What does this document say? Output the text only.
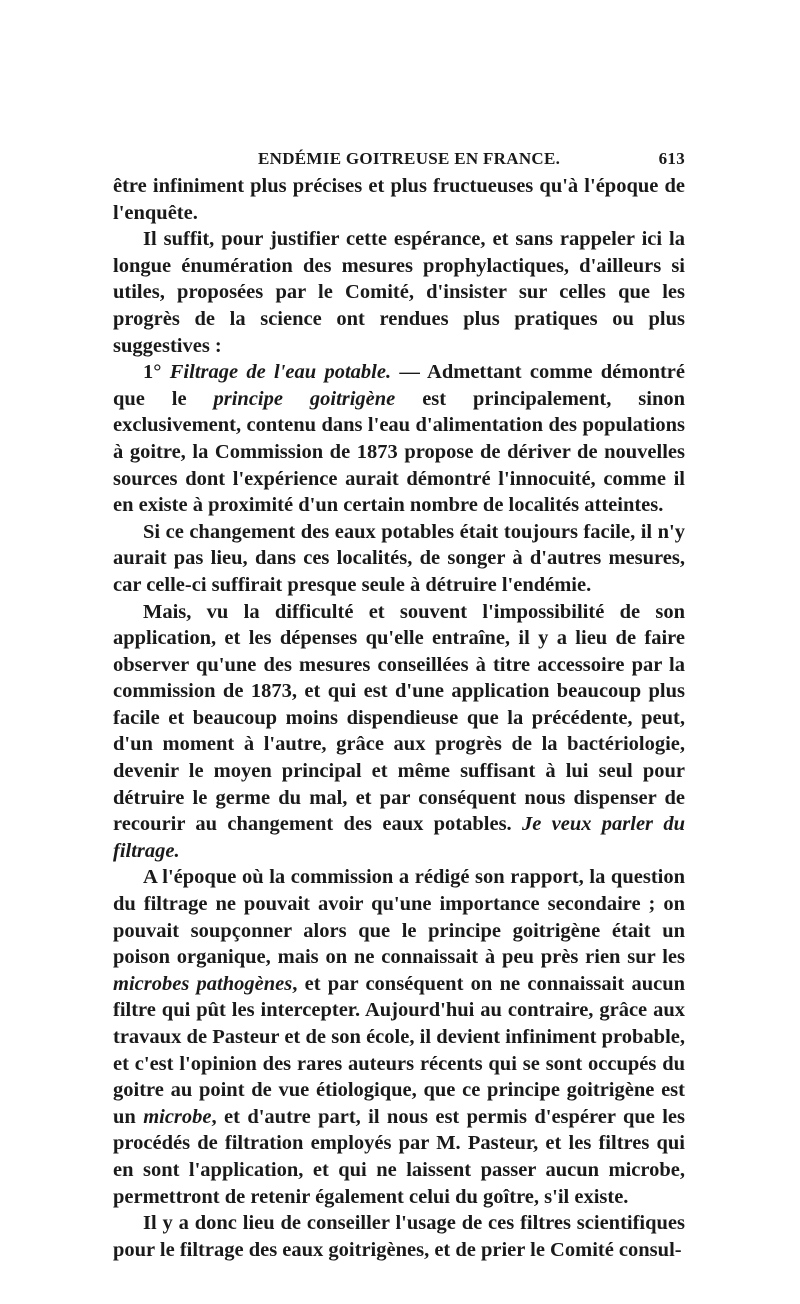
ENDÉMIE GOITREUSE EN FRANCE.	613

être infiniment plus précises et plus fructueuses qu'à l'époque de l'enquête.

Il suffit, pour justifier cette espérance, et sans rappeler ici la longue énumération des mesures prophylactiques, d'ailleurs si utiles, proposées par le Comité, d'insister sur celles que les progrès de la science ont rendues plus pratiques ou plus suggestives :

1° Filtrage de l'eau potable. — Admettant comme démontré que le principe goitrigène est principalement, sinon exclusivement, contenu dans l'eau d'alimentation des populations à goitre, la Commission de 1873 propose de dériver de nouvelles sources dont l'expérience aurait démontré l'innocuité, comme il en existe à proximité d'un certain nombre de localités atteintes.

Si ce changement des eaux potables était toujours facile, il n'y aurait pas lieu, dans ces localités, de songer à d'autres mesures, car celle-ci suffirait presque seule à détruire l'endémie.

Mais, vu la difficulté et souvent l'impossibilité de son application, et les dépenses qu'elle entraîne, il y a lieu de faire observer qu'une des mesures conseillées à titre accessoire par la commission de 1873, et qui est d'une application beaucoup plus facile et beaucoup moins dispendieuse que la précédente, peut, d'un moment à l'autre, grâce aux progrès de la bactériologie, devenir le moyen principal et même suffisant à lui seul pour détruire le germe du mal, et par conséquent nous dispenser de recourir au changement des eaux potables. Je veux parler du filtrage.

A l'époque où la commission a rédigé son rapport, la question du filtrage ne pouvait avoir qu'une importance secondaire ; on pouvait soupçonner alors que le principe goitrigène était un poison organique, mais on ne connaissait à peu près rien sur les microbes pathogènes, et par conséquent on ne connaissait aucun filtre qui pût les intercepter. Aujourd'hui au contraire, grâce aux travaux de Pasteur et de son école, il devient infiniment probable, et c'est l'opinion des rares auteurs récents qui se sont occupés du goitre au point de vue étiologique, que ce principe goitrigène est un microbe, et d'autre part, il nous est permis d'espérer que les procédés de filtration employés par M. Pasteur, et les filtres qui en sont l'application, et qui ne laissent passer aucun microbe, permettront de retenir également celui du goître, s'il existe.

Il y a donc lieu de conseiller l'usage de ces filtres scientifiques pour le filtrage des eaux goitrigènes, et de prier le Comité consul-
